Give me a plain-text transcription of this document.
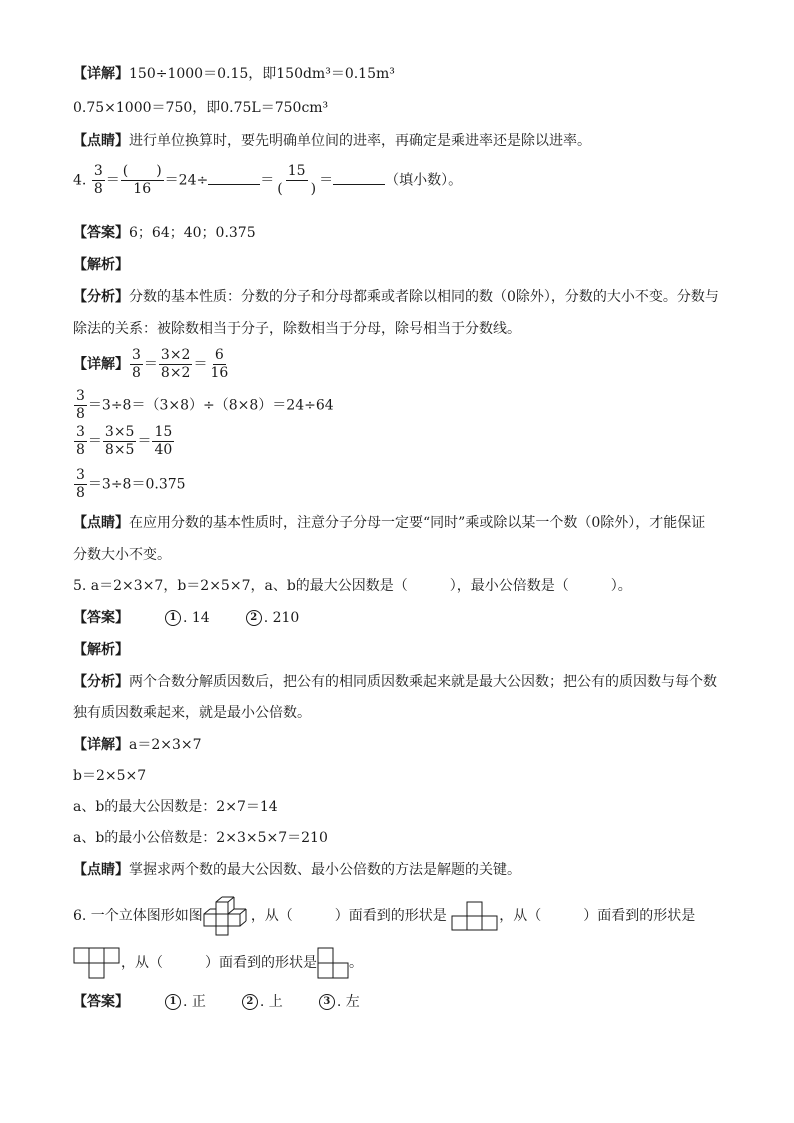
【详解】150÷1000＝0.15，即150dm³＝0.15m³
0.75×1000＝750，即0.75L＝750cm³
【点睛】进行单位换算时，要先明确单位间的进率，再确定是乘进率还是除以进率。
4. $\frac{3}{8} = \frac{( )}{16} =24\div$	＝ $\frac{15}{( )}$ ＝	（填小数）。
【答案】6；64；40；0.375
【解析】
【分析】分数的基本性质：分数的分子和分母都乘或者除以相同的数（0除外），分数的大小不变。分数与
除法的关系：被除数相当于分子，除数相当于分母，除号相当于分数线。
【详解】 $\frac{3}{8} = \frac{3\times 2}{8\times 2} = \frac{6}{16}$
$\frac{3}{8} =3\div 8=(3\times 8)\div(8\times 8)=24\div 64$
$\frac{3}{8} = \frac{3\times 5}{8\times 5} = \frac{15}{40}$
$\frac{3}{8} =3\div 8=0.375$
【点睛】在应用分数的基本性质时，注意分子分母一定要“同时”乘或除以某一个数（0除外），才能保证
分数大小不变。
5. a＝2×3×7，b＝2×5×7，a、b的最大公因数是（　　　），最小公倍数是（　　　）。
【答案】	1 . 14	2 . 210
【解析】
【分析】两个合数分解质因数后，把公有的相同质因数乘起来就是最大公因数；把公有的质因数与每个数
独有质因数乘起来，就是最小公倍数。
【详解】a＝2×3×7
b＝2×5×7
a、b的最大公因数是：2×7＝14
a、b的最小公倍数是：2×3×5×7＝210
【点睛】掌握求两个数的最大公因数、最小公倍数的方法是解题的关键。
6. 一个立体图形如图	，从（　　　）面看到的形状是	，从（　　　）面看到的形状是
，从（　　　）面看到的形状是 。
【答案】	1 . 正	2 . 上	3 . 左
